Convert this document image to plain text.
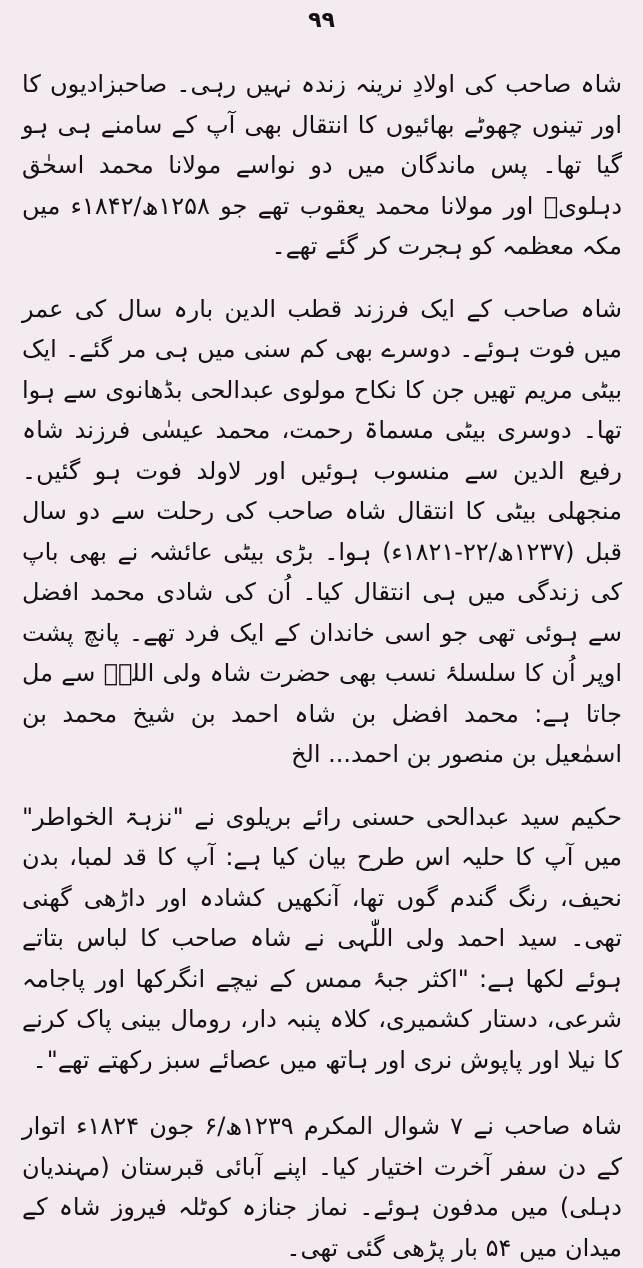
٩٩

شاہ صاحب کی اولادِ نرینہ زندہ نہیں رہی۔ صاحبزادیوں کا اور تینوں چھوٹے بھائیوں کا انتقال بھی آپ کے سامنے ہی ہو گیا تھا۔ پس ماندگان میں دو نواسے مولانا محمد اسحٰق دہلویؒ اور مولانا محمد یعقوب تھے جو ۱۲۵۸ھ/۱۸۴۲ء میں مکہ معظمہ کو ہجرت کر گئے تھے۔

شاہ صاحب کے ایک فرزند قطب الدین بارہ سال کی عمر میں فوت ہوئے۔ دوسرے بھی کم سنی میں ہی مر گئے۔ ایک بیٹی مریم تھیں جن کا نکاح مولوی عبدالحی بڈھانوی سے ہوا تھا۔ دوسری بیٹی مسماۃ رحمت، محمد عیسٰی فرزند شاہ رفیع الدین سے منسوب ہوئیں اور لاولد فوت ہو گئیں۔ منجھلی بیٹی کا انتقال شاہ صاحب کی رحلت سے دو سال قبل (۱۲۳۷ھ/۲۲-۱۸۲۱ء) ہوا۔ بڑی بیٹی عائشہ نے بھی باپ کی زندگی میں ہی انتقال کیا۔ اُن کی شادی محمد افضل سے ہوئی تھی جو اسی خاندان کے ایک فرد تھے۔ پانچ پشت اوپر اُن کا سلسلۂ نسب بھی حضرت شاہ ولی اللہؒ سے مل جاتا ہے: محمد افضل بن شاہ احمد بن شیخ محمد بن اسمٰعیل بن منصور بن احمد... الخ

حکیم سید عبدالحی حسنی رائے بریلوی نے "نزہۃ الخواطر" میں آپ کا حلیہ اس طرح بیان کیا ہے: آپ کا قد لمبا، بدن نحیف، رنگ گندم گوں تھا، آنکھیں کشادہ اور داڑھی گھنی تھی۔ سید احمد ولی اللّٰہی نے شاہ صاحب کا لباس بتاتے ہوئے لکھا ہے: "اکثر جبۂ ممس کے نیچے انگرکھا اور پاجامہ شرعی، دستار کشمیری، کلاہ پنبہ دار، رومال بینی پاک کرنے کا نیلا اور پاپوش نری اور ہاتھ میں عصائے سبز رکھتے تھے"۔

شاہ صاحب نے ۷ شوال المکرم ۱۲۳۹ھ/۶ جون ۱۸۲۴ء اتوار کے دن سفر آخرت اختیار کیا۔ اپنے آبائی قبرستان (مہندیان دہلی) میں مدفون ہوئے۔ نماز جنازہ کوٹلہ فیروز شاہ کے میدان میں ۵۴ بار پڑھی گئی تھی۔
